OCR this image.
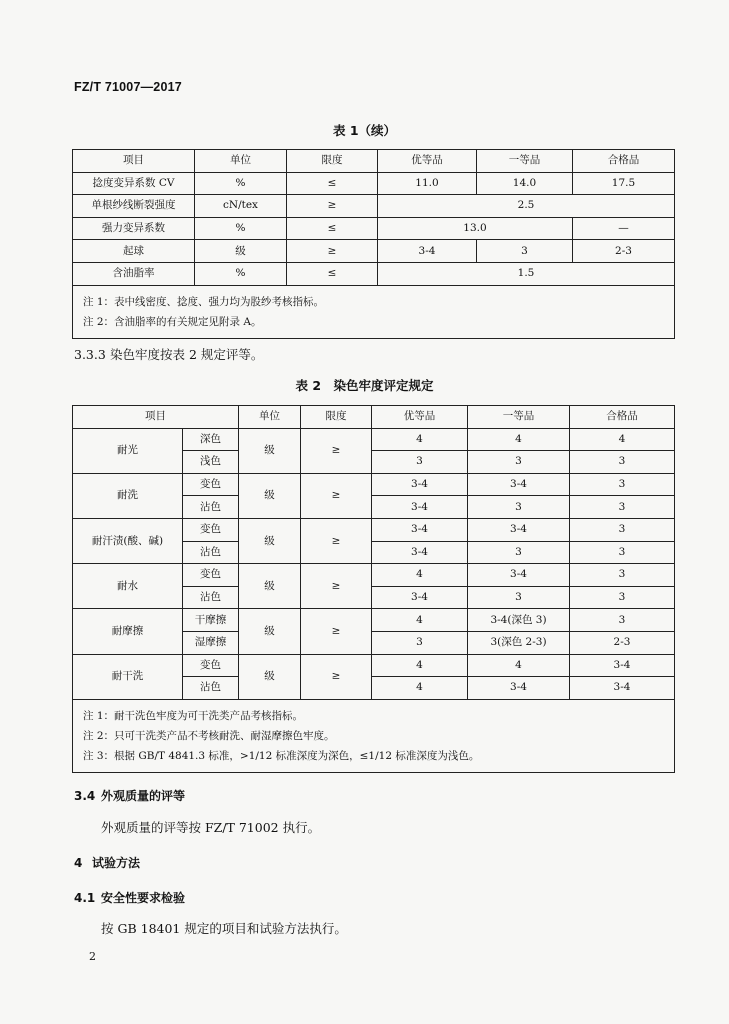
FZ/T 71007—2017
表 1（续）
项目	单位	限度	优等品	一等品	合格品
捻度变异系数 CV	%	≤	11.0	14.0	17.5
单根纱线断裂强度	cN/tex	≥	2.5		
强力变异系数	%	≤	13.0		—
起球	级	≥	3-4	3	2-3
含油脂率	%	≤	1.5		

注 1：表中线密度、捻度、强力均为股纱考核指标。
注 2：含油脂率的有关规定见附录 A。					
3.3.3 染色牢度按表 2 规定评等。
表 2　染色牢度评定规定
项目		单位	限度	优等品	一等品	合格品
耐光	深色	级	≥	4	4	4
	浅色			3	3	3
耐洗	变色	级	≥	3-4	3-4	3
	沾色			3-4	3	3
耐汗渍(酸、碱)	变色	级	≥	3-4	3-4	3
	沾色			3-4	3	3
耐水	变色	级	≥	4	3-4	3
	沾色			3-4	3	3
耐摩擦	干摩擦	级	≥	4	3-4(深色 3)	3
	湿摩擦			3	3(深色 2-3)	2-3
耐干洗	变色	级	≥	4	4	3-4
	沾色			4	3-4	3-4

注 1：耐干洗色牢度为可干洗类产品考核指标。
注 2：只可干洗类产品不考核耐洗、耐湿摩擦色牢度。
注 3：根据 GB/T 4841.3 标准，>1/12 标准深度为深色，≤1/12 标准深度为浅色。						
3.4 外观质量的评等
外观质量的评等按 FZ/T 71002 执行。
4 试验方法
4.1 安全性要求检验
按 GB 18401 规定的项目和试验方法执行。
2
